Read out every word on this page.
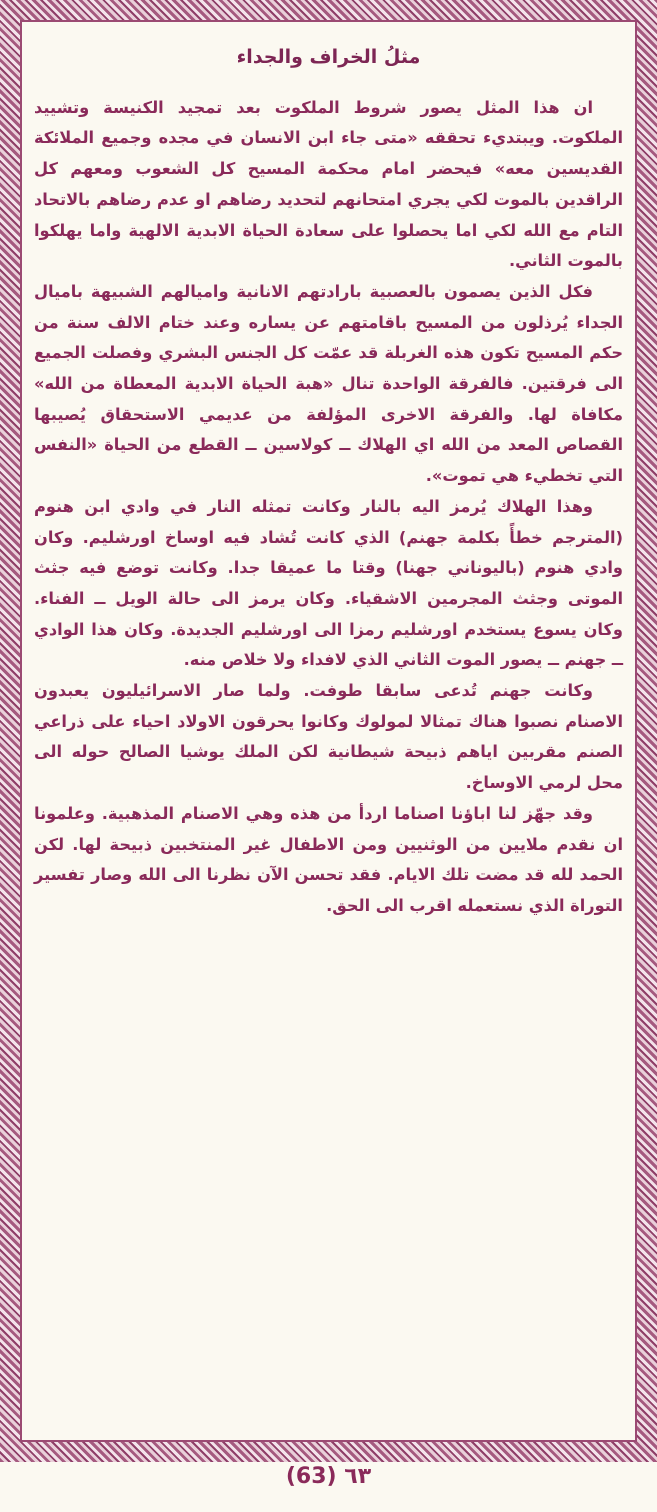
مثلُ الخراف والجداء

ان هذا المثل يصور شروط الملكوت بعد تمجيد الكنيسة وتشييد الملكوت. ويبتديء تحققه «متى جاء ابن الانسان في مجده وجميع الملائكة القديسين معه» فيحضر امام محكمة المسيح كل الشعوب ومعهم كل الراقدين بالموت لكي يجري امتحانهم لتحديد رضاهم او عدم رضاهم بالاتحاد التام مع الله لكي اما يحصلوا على سعادة الحياة الابدية الالهية واما يهلكوا بالموت الثاني.

فكل الذين يصمون بالعصبية بارادتهم الانانية واميالهم الشبيهة باميال الجداء يُرذلون من المسيح باقامتهم عن يساره وعند ختام الالف سنة من حكم المسيح تكون هذه الغربلة قد عمّت كل الجنس البشري وفصلت الجميع الى فرقتين. فالفرقة الواحدة تنال «هبة الحياة الابدية المعطاة من الله» مكافاة لها. والفرقة الاخرى المؤلفة من عديمي الاستحقاق يُصيبها القصاص المعد من الله اي الهلاك ــ كولاسين ــ القطع من الحياة «النفس التي تخطيء هي تموت».

وهذا الهلاك يُرمز اليه بالنار وكانت تمثله النار في وادي ابن هنوم (المترجم خطأً بكلمة جهنم) الذي كانت تُشاد فيه اوساخ اورشليم. وكان وادي هنوم (باليوناني جهنا) وقتا ما عميقا جدا. وكانت توضع فيه جثث الموتى وجثث المجرمين الاشقياء. وكان يرمز الى حالة الويل ــ الفناء. وكان يسوع يستخدم اورشليم رمزا الى اورشليم الجديدة. وكان هذا الوادي ــ جهنم ــ يصور الموت الثاني الذي لافداء ولا خلاص منه.

وكانت جهنم تُدعى سابقا طوفت. ولما صار الاسرائيليون يعبدون الاصنام نصبوا هناك تمثالا لمولوك وكانوا يحرقون الاولاد احياء على ذراعي الصنم مقربين اياهم ذبيحة شيطانية لكن الملك يوشيا الصالح حوله الى محل لرمي الاوساخ.

وقد جهّز لنا اباؤنا اصناما اردأ من هذه وهي الاصنام المذهبية. وعلمونا ان نقدم ملايين من الوثنيين ومن الاطفال غير المنتخبين ذبيحة لها. لكن الحمد لله قد مضت تلك الايام. فقد تحسن الآن نظرنا الى الله وصار تفسير التوراة الذي نستعمله اقرب الى الحق.

(63) ٦٣
